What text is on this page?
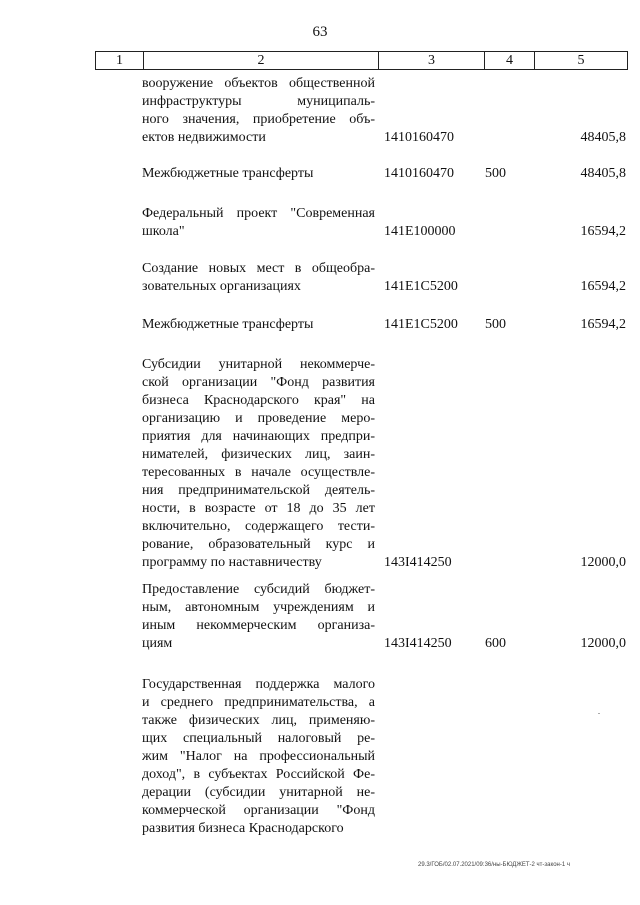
63
1	2	3	4	5
вооружение объектов общественной
инфраструктуры муниципаль-
ного значения, приобретение объ-
ектов недвижимости	1410160470	48405,8
Межбюджетные трансферты	1410160470 500	48405,8
Федеральный проект "Современная
школа"	141E100000	16594,2
Создание новых мест в общеобра-
зовательных организациях	141E1C5200	16594,2
Межбюджетные трансферты	141E1C5200 500	16594,2
Субсидии унитарной некоммерче-
ской организации "Фонд развития
бизнеса Краснодарского края" на
организацию и проведение меро-
приятия для начинающих предпри-
нимателей, физических лиц, заин-
тересованных в начале осуществле-
ния предпринимательской деятель-
ности, в возрасте от 18 до 35 лет
включительно, содержащего тести-
рование, образовательный курс и
программу по наставничеству	143I414250	12000,0
Предоставление субсидий бюджет-
ным, автономным учреждениям и
иным некоммерческим организа-
циям	143I414250 600	12000,0
Государственная поддержка малого
и среднего предпринимательства, а
также физических лиц, применяю-
щих специальный налоговый ре-
жим "Налог на профессиональный
доход", в субъектах Российской Фе-
дерации (субсидии унитарной не-
коммерческой организации "Фонд
развития бизнеса Краснодарского
29.3/ГОБ/02.07.2021/09:36/ны-БЮДЖЕТ-2 чт-закон-1 ч
